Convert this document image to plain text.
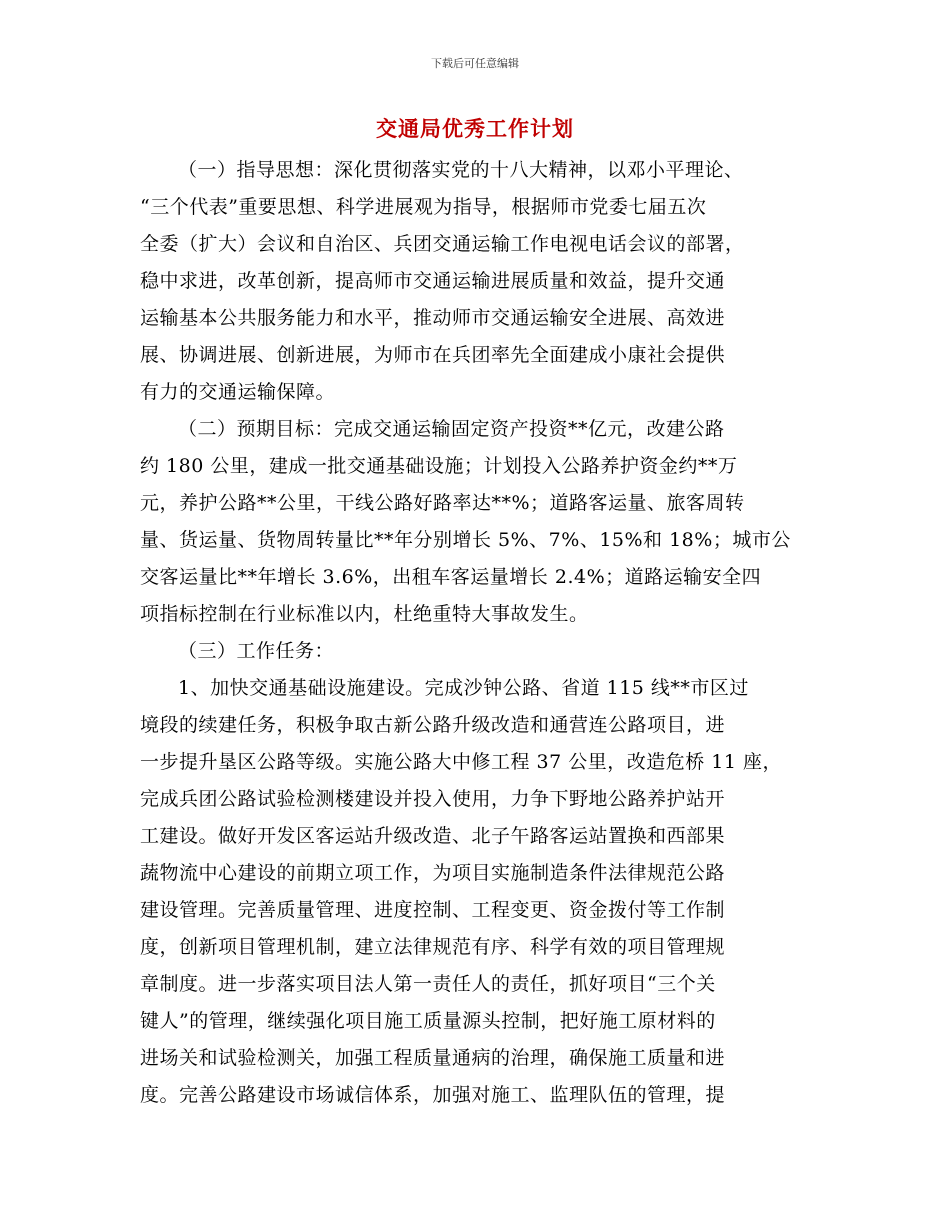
下载后可任意编辑
交通局优秀工作计划
（一）指导思想：深化贯彻落实党的十八大精神，以邓小平理论、
“三个代表”重要思想、科学进展观为指导，根据师市党委七届五次
全委（扩大）会议和自治区、兵团交通运输工作电视电话会议的部署，
稳中求进，改革创新，提高师市交通运输进展质量和效益，提升交通
运输基本公共服务能力和水平，推动师市交通运输安全进展、高效进
展、协调进展、创新进展，为师市在兵团率先全面建成小康社会提供
有力的交通运输保障。
（二）预期目标：完成交通运输固定资产投资**亿元，改建公路
约 180 公里，建成一批交通基础设施；计划投入公路养护资金约**万
元，养护公路**公里，干线公路好路率达**%；道路客运量、旅客周转
量、货运量、货物周转量比**年分别增长 5%、7%、15%和 18%；城市公
交客运量比**年增长 3.6%，出租车客运量增长 2.4%；道路运输安全四
项指标控制在行业标准以内，杜绝重特大事故发生。
（三）工作任务：
1、加快交通基础设施建设。完成沙钟公路、省道 115 线**市区过
境段的续建任务，积极争取古新公路升级改造和通营连公路项目，进
一步提升垦区公路等级。实施公路大中修工程 37 公里，改造危桥 11 座，
完成兵团公路试验检测楼建设并投入使用，力争下野地公路养护站开
工建设。做好开发区客运站升级改造、北子午路客运站置换和西部果
蔬物流中心建设的前期立项工作，为项目实施制造条件法律规范公路
建设管理。完善质量管理、进度控制、工程变更、资金拨付等工作制
度，创新项目管理机制，建立法律规范有序、科学有效的项目管理规
章制度。进一步落实项目法人第一责任人的责任，抓好项目“三个关
键人”的管理，继续强化项目施工质量源头控制，把好施工原材料的
进场关和试验检测关，加强工程质量通病的治理，确保施工质量和进
度。完善公路建设市场诚信体系，加强对施工、监理队伍的管理，提
